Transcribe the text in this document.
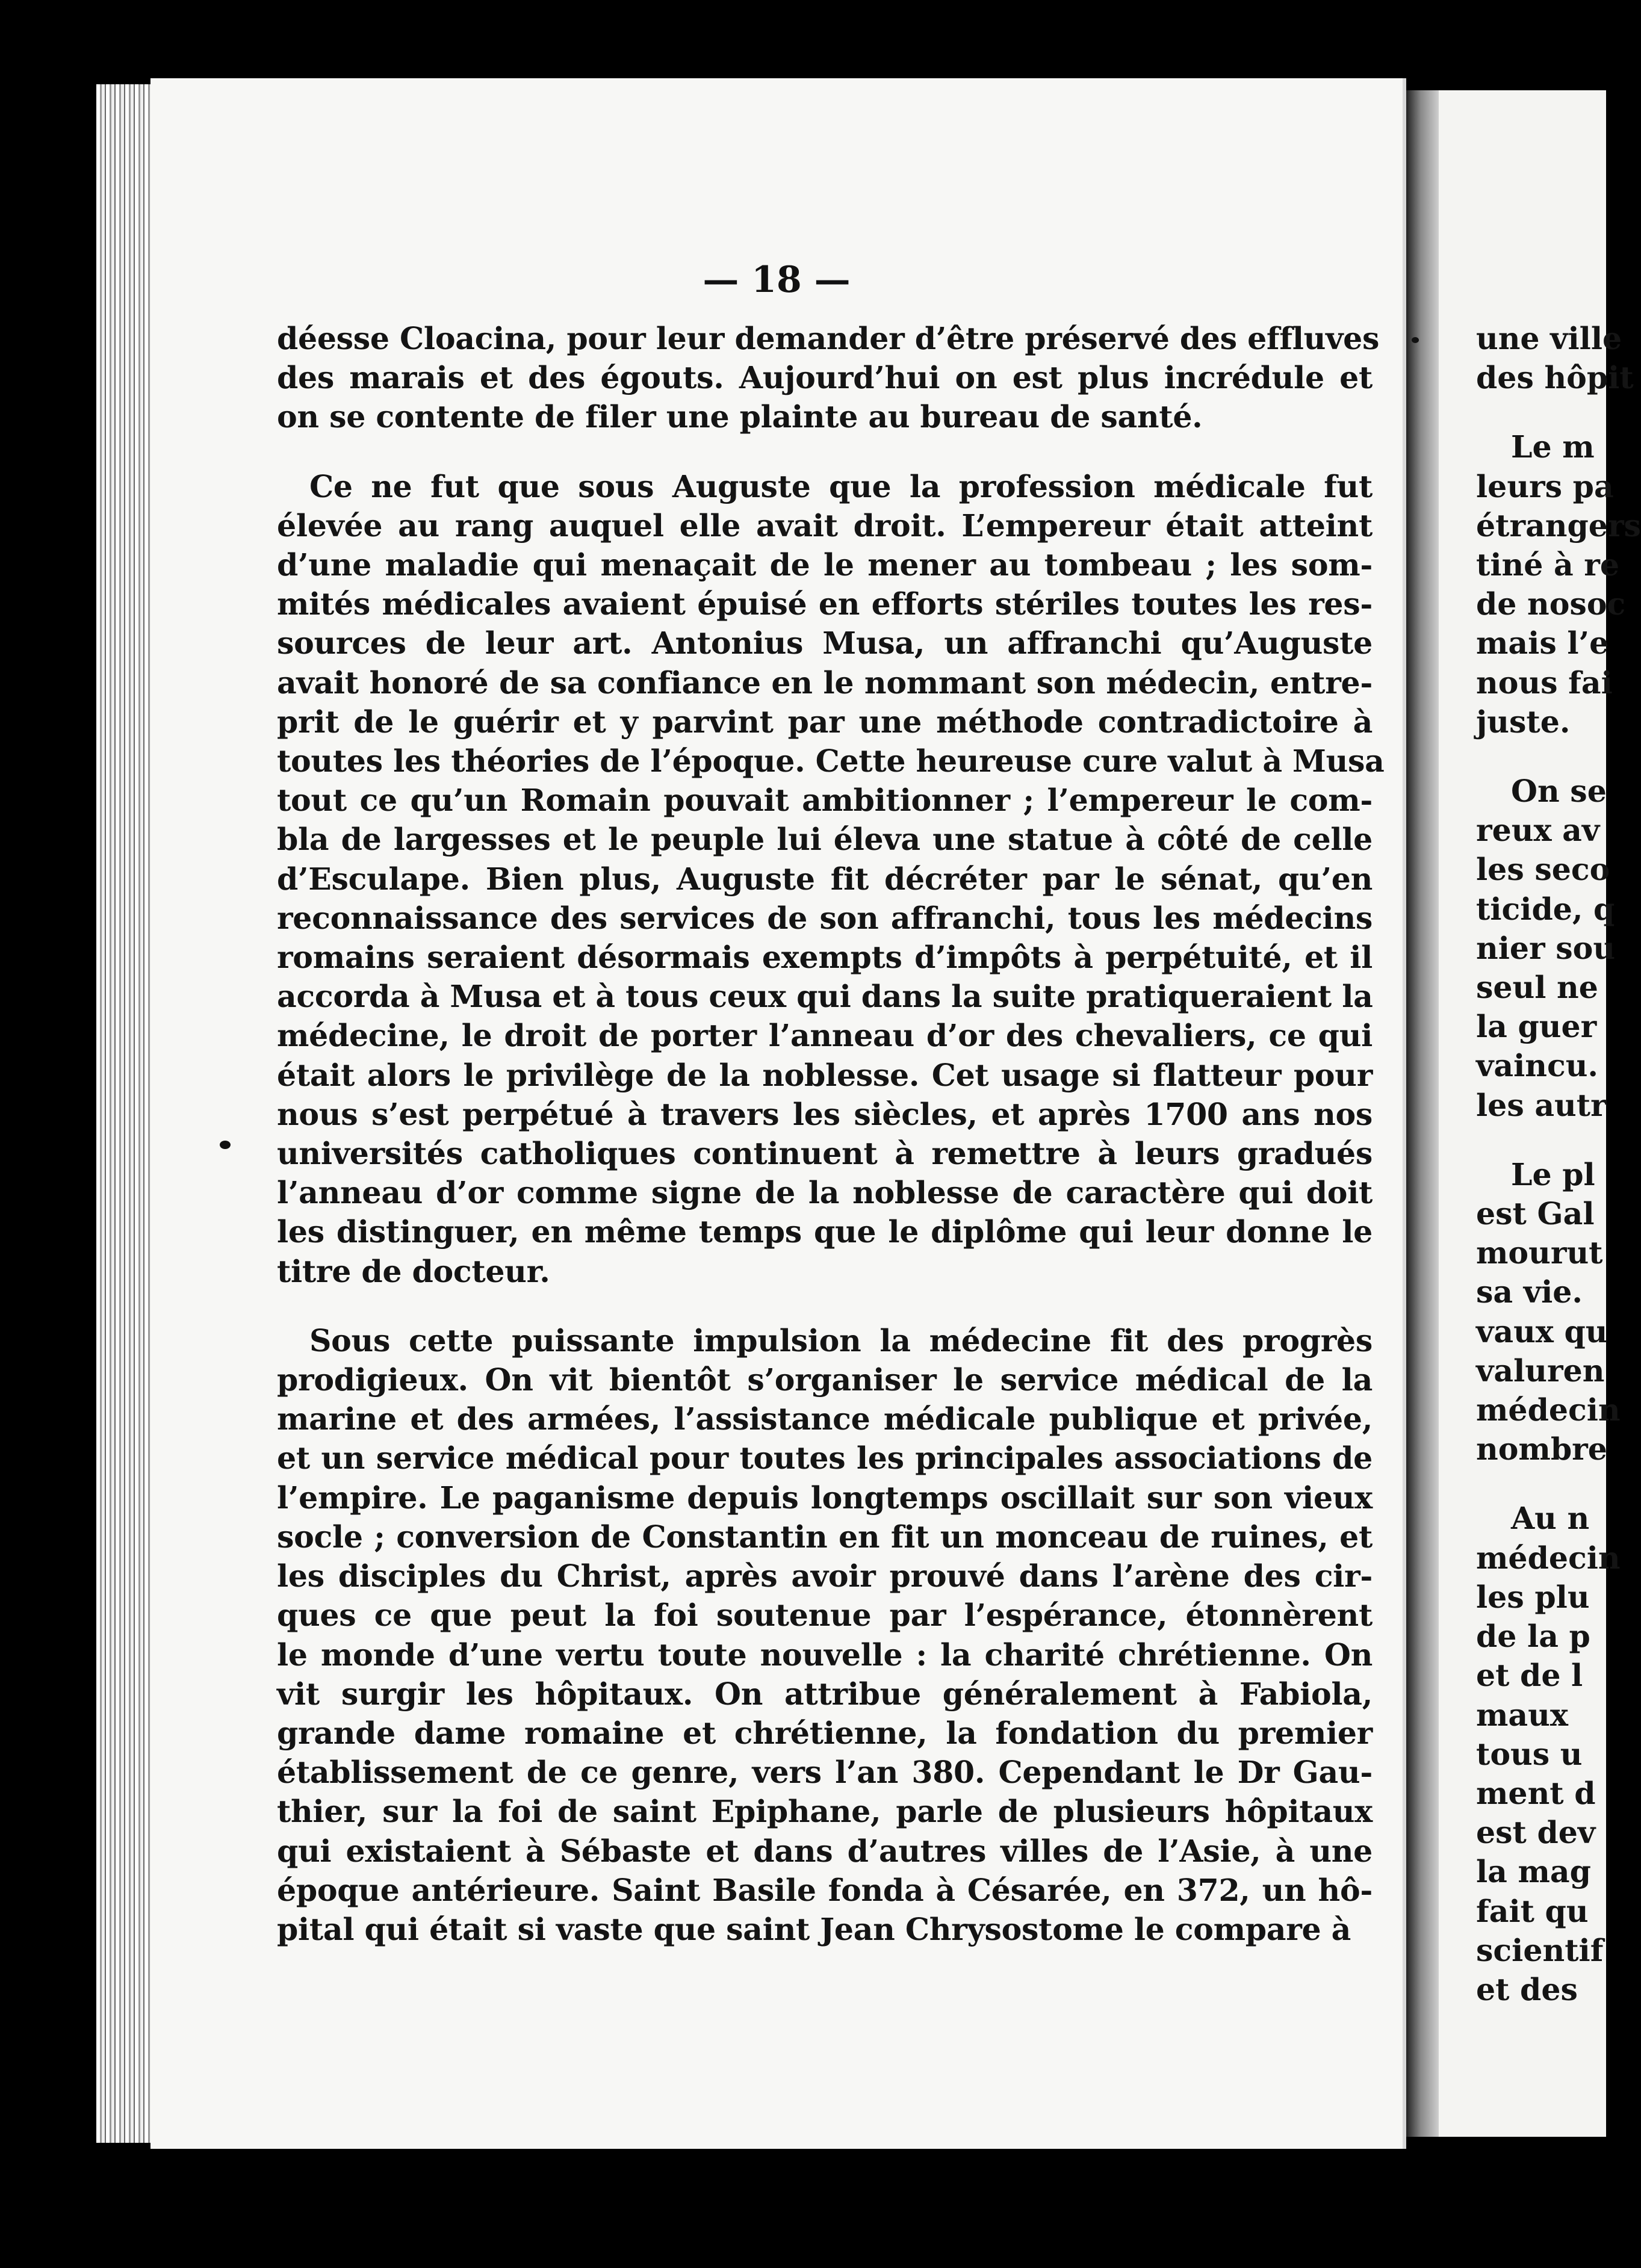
— 18 —

déesse Cloacina, pour leur demander d’être préservé des effluves
des marais et des égouts. Aujourd’hui on est plus incrédule et
on se contente de filer une plainte au bureau de santé.

Ce ne fut que sous Auguste que la profession médicale fut
élevée au rang auquel elle avait droit. L’empereur était atteint
d’une maladie qui menaçait de le mener au tombeau ; les som-
mités médicales avaient épuisé en efforts stériles toutes les res-
sources de leur art. Antonius Musa, un affranchi qu’Auguste
avait honoré de sa confiance en le nommant son médecin, entre-
prit de le guérir et y parvint par une méthode contradictoire à
toutes les théories de l’époque. Cette heureuse cure valut à Musa
tout ce qu’un Romain pouvait ambitionner ; l’empereur le com-
bla de largesses et le peuple lui éleva une statue à côté de celle
d’Esculape. Bien plus, Auguste fit décréter par le sénat, qu’en
reconnaissance des services de son affranchi, tous les médecins
romains seraient désormais exempts d’impôts à perpétuité, et il
accorda à Musa et à tous ceux qui dans la suite pratiqueraient la
médecine, le droit de porter l’anneau d’or des chevaliers, ce qui
était alors le privilège de la noblesse. Cet usage si flatteur pour
nous s’est perpétué à travers les siècles, et après 1700 ans nos
universités catholiques continuent à remettre à leurs gradués
l’anneau d’or comme signe de la noblesse de caractère qui doit
les distinguer, en même temps que le diplôme qui leur donne le
titre de docteur.

Sous cette puissante impulsion la médecine fit des progrès
prodigieux. On vit bientôt s’organiser le service médical de la
marine et des armées, l’assistance médicale publique et privée,
et un service médical pour toutes les principales associations de
l’empire. Le paganisme depuis longtemps oscillait sur son vieux
socle ; conversion de Constantin en fit un monceau de ruines, et
les disciples du Christ, après avoir prouvé dans l’arène des cir-
ques ce que peut la foi soutenue par l’espérance, étonnèrent
le monde d’une vertu toute nouvelle : la charité chrétienne. On
vit surgir les hôpitaux. On attribue généralement à Fabiola,
grande dame romaine et chrétienne, la fondation du premier
établissement de ce genre, vers l’an 380. Cependant le Dr Gau-
thier, sur la foi de saint Epiphane, parle de plusieurs hôpitaux
qui existaient à Sébaste et dans d’autres villes de l’Asie, à une
époque antérieure. Saint Basile fonda à Césarée, en 372, un hô-
pital qui était si vaste que saint Jean Chrysostome le compare à

une ville
des hôpit
Le m
leurs pa
étrangers
tiné à re
de nosoc
mais l’e
nous fai
juste.
On se
reux av
les seco
ticide, q
nier sou
seul ne
la guer
vaincu.
les autr
Le pl
est Gal
mourut
sa vie.
vaux qu
valuren
médecin
nombre
Au n
médecin
les plu
de la p
et de l
maux
tous u
ment d
est dev
la mag
fait qu
scientif
et des
